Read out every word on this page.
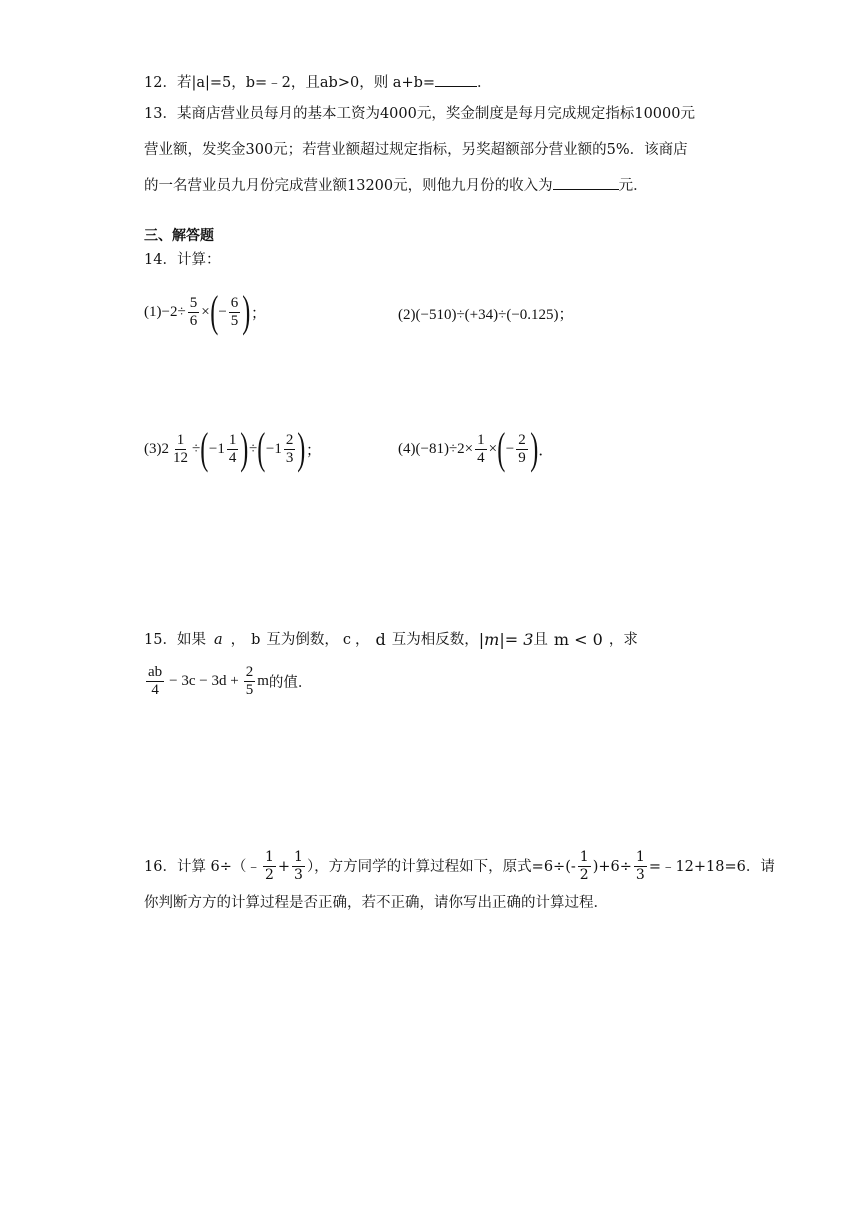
12．若|a|=5，b=﹣2，且ab>0，则 a+b=	．
13．某商店营业员每月的基本工资为4000元，奖金制度是每月完成规定指标10000元
营业额，发奖金300元；若营业额超过规定指标，另奖超额部分营业额的5%．该商店
的一名营业员九月份完成营业额13200元，则他九月份的收入为	元．
三、解答题
14．计算：
$(1) -2\div \frac{5}{6}$ × ( − $\frac{6}{5}$ ) ；	(2)(−510)÷(+34)÷(−0.125)；
(3) $2 \frac{1}{12}$ ÷ ( $-1 \frac{1}{4}$ ) ÷ ( $-1 \frac{2}{3}$ ) ；	(4) $(-81)\div 2\times \frac{1}{4}$ × ( − $\frac{2}{9}$ ) ．
15．如果 a ， b 互为倒数， c ， d 互为相反数， |m|= 3 且 m < 0 ，求
$\frac{ab}{4} - 3c - 3d + \frac{2}{5}$ m 的值．
16．计算 6÷（﹣ $\frac{1}{2} + \frac{1}{3}$ ），方方同学的计算过程如下，原式$=6\div(- \frac{1}{2} )+6\div \frac{1}{3}$ =﹣12+18=6．请
你判断方方的计算过程是否正确，若不正确，请你写出正确的计算过程．
